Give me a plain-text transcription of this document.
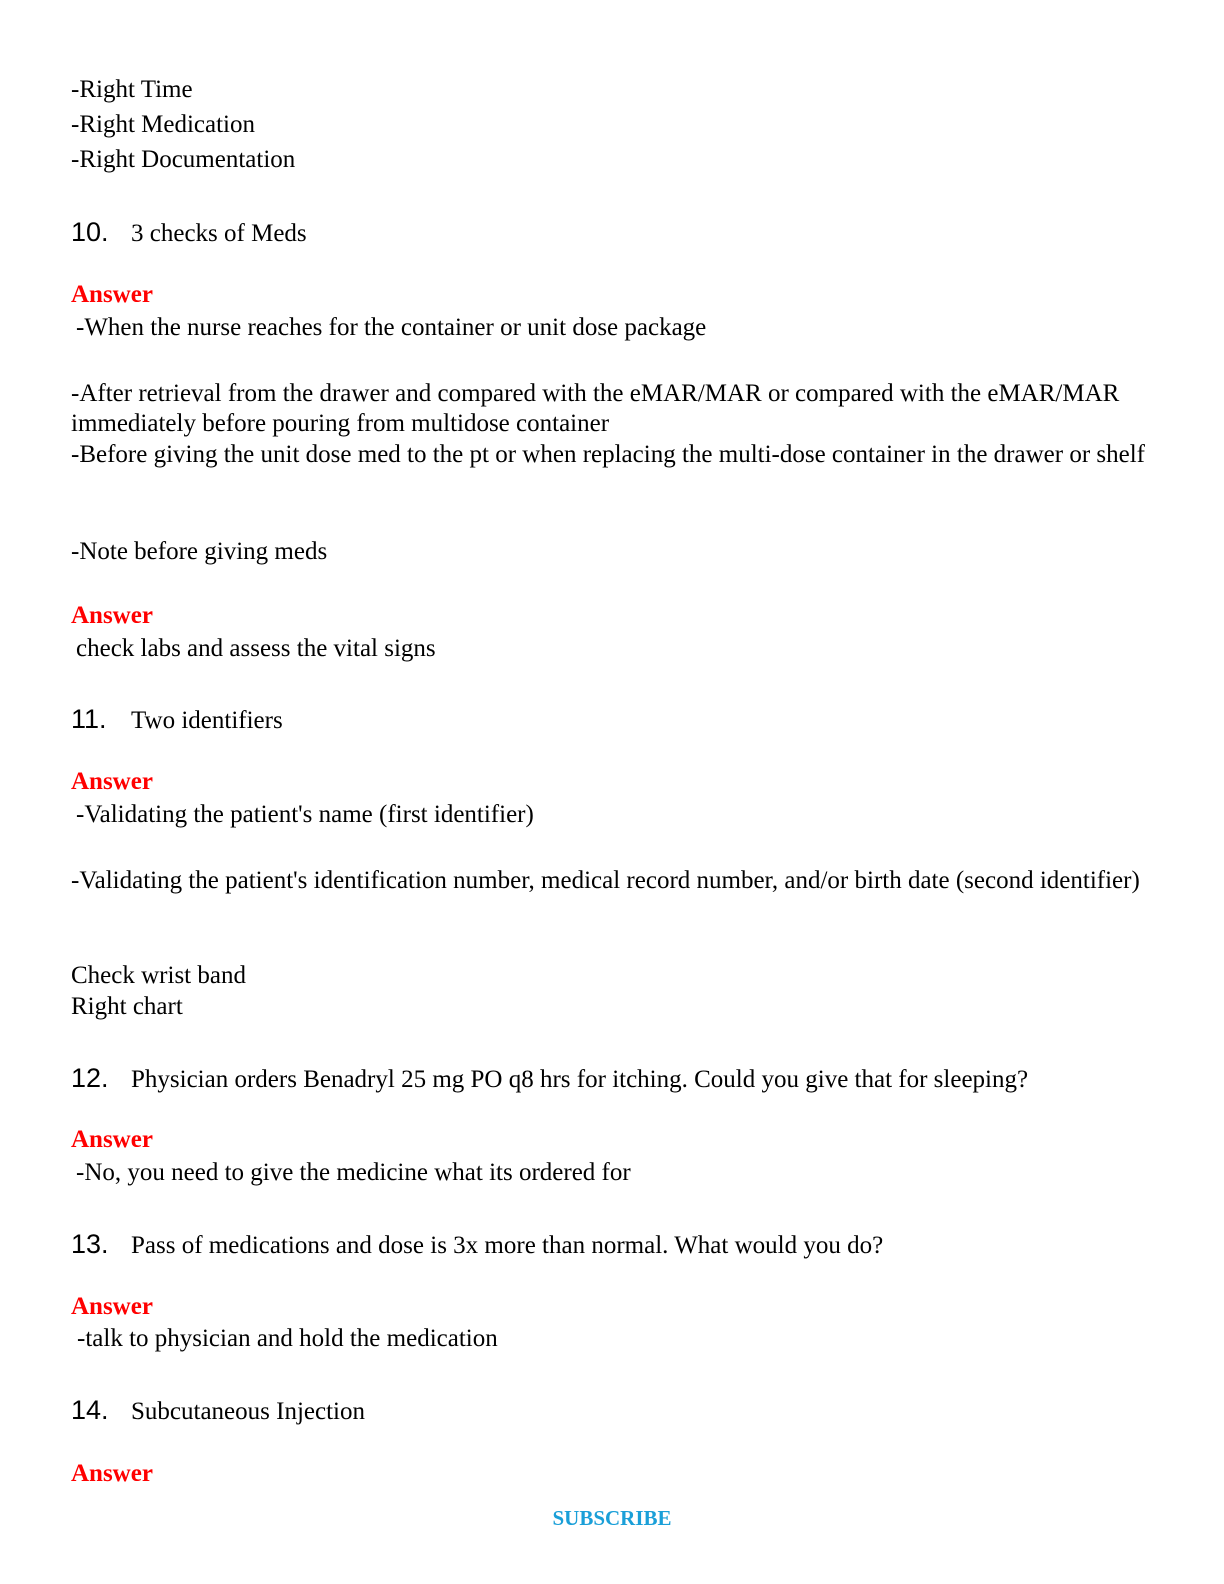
-Right Time

-Right Medication

-Right Documentation

10. 3 checks of Meds

Answer

-When the nurse reaches for the container or unit dose package

-After retrieval from the drawer and compared with the eMAR/MAR or compared with the eMAR/MAR immediately before pouring from multidose container

-Before giving the unit dose med to the pt or when replacing the multi-dose container in the drawer or shelf

-Note before giving meds

Answer

check labs and assess the vital signs

11. Two identifiers

Answer

-Validating the patient's name (first identifier)

-Validating the patient's identification number, medical record number, and/or birth date (second identifier)

Check wrist band

Right chart

12. Physician orders Benadryl 25 mg PO q8 hrs for itching. Could you give that for sleeping?

Answer

-No, you need to give the medicine what its ordered for

13. Pass of medications and dose is 3x more than normal. What would you do?

Answer

-talk to physician and hold the medication

14. Subcutaneous Injection

Answer

SUBSCRIBE
